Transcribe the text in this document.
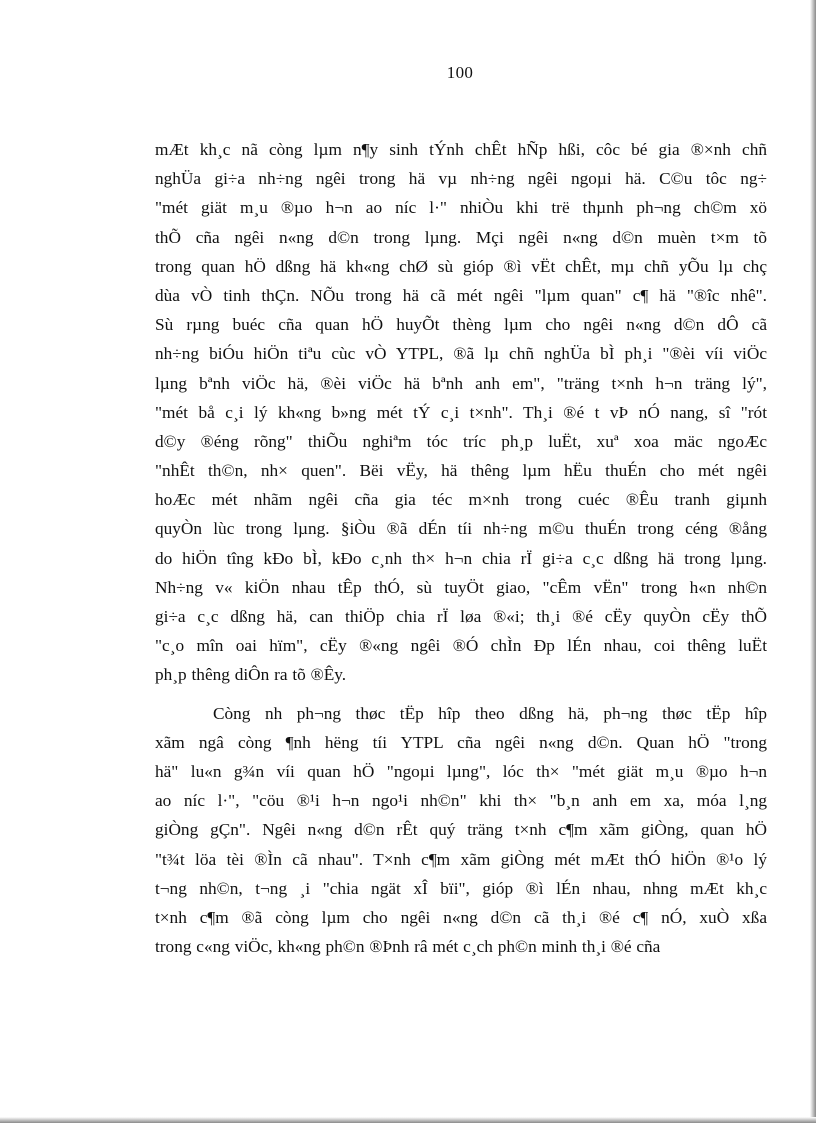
100
mÆt kh¸c nã còng lµm n¶y sinh tÝnh chÊt hÑp hßi, côc bé gia ®×nh chñ
nghÜa gi÷a nh÷ng ngêi trong hä vµ nh÷ng ngêi ngoµi hä. C©u tôc ng÷
"mét giät m¸u ®µo h¬n ao níc l·" nhiÒu khi trë thµnh ph¬ng ch©m xö
thÕ cña ngêi n«ng d©n trong lµng. Mçi ngêi n«ng d©n muèn t×m tõ
trong quan hÖ dßng hä kh«ng chØ sù gióp ®ì vËt chÊt, mµ chñ yÕu lµ chç
dùa vÒ tinh thÇn. NÕu trong hä cã mét ngêi "lµm quan" c¶ hä "®îc nhê".
Sù rµng buéc cña quan hÖ huyÕt thèng lµm cho ngêi n«ng d©n dÔ cã
nh÷ng biÓu hiÖn tiªu cùc vÒ YTPL, ®ã lµ chñ nghÜa bÌ ph¸i "®èi víi viÖc
lµng bªnh viÖc hä, ®èi viÖc hä bªnh anh em", "träng t×nh h¬n träng lý",
"mét bå c¸i lý kh«ng b»ng mét tÝ c¸i t×nh". Th¸i ®é t vÞ nÓ nang, sî "rót
d©y ®éng rõng" thiÕu nghiªm tóc tríc ph¸p luËt, xuª xoa mäc ngoÆc
"nhÊt th©n, nh× quen". Bëi vËy, hä thêng lµm hËu thuÉn cho mét ngêi
hoÆc mét nhãm ngêi cña gia téc m×nh trong cuéc ®Êu tranh giµnh
quyÒn lùc trong lµng. §iÒu ®ã dÉn tíi nh÷ng m©u thuÉn trong céng ®ång
do hiÖn tîng kÐo bÌ, kÐo c¸nh th× h¬n chia rÏ gi÷a c¸c dßng hä trong lµng.
Nh÷ng v« kiÖn nhau tÊp thÓ, sù tuyÖt giao, "cÊm vËn" trong h«n nh©n
gi÷a c¸c dßng hä, can thiÖp chia rÏ løa ®«i; th¸i ®é cËy quyÒn cËy thÕ
"c¸o mîn oai hïm", cËy ®«ng ngêi ®Ó chÌn Ðp lÉn nhau, coi thêng luËt
ph¸p thêng diÔn ra tõ ®Êy.
Còng nh ph¬ng thøc tËp hîp theo dßng hä, ph¬ng thøc tËp hîp
xãm ngâ còng ¶nh hëng tíi YTPL cña ngêi n«ng d©n. Quan hÖ "trong
hä" lu«n g¾n víi quan hÖ "ngoµi lµng", lóc th× "mét giät m¸u ®µo h¬n
ao níc l·", "cöu ®¹i h¬n ngo¹i nh©n" khi th× "b¸n anh em xa, móa l¸ng
giÒng gÇn". Ngêi n«ng d©n rÊt quý träng t×nh c¶m xãm giÒng, quan hÖ
"t¾t löa tèi ®Ìn cã nhau". T×nh c¶m xãm giÒng mét mÆt thÓ hiÖn ®¹o lý
t¬ng nh©n, t¬ng ¸i "chia ngät xÎ bïi", gióp ®ì lÉn nhau, nhng mÆt kh¸c
t×nh c¶m ®ã còng lµm cho ngêi n«ng d©n cã th¸i ®é c¶ nÓ, xuÒ xßa
trong c«ng viÖc, kh«ng ph©n ®Þnh râ mét c¸ch ph©n minh th¸i ®é cña
